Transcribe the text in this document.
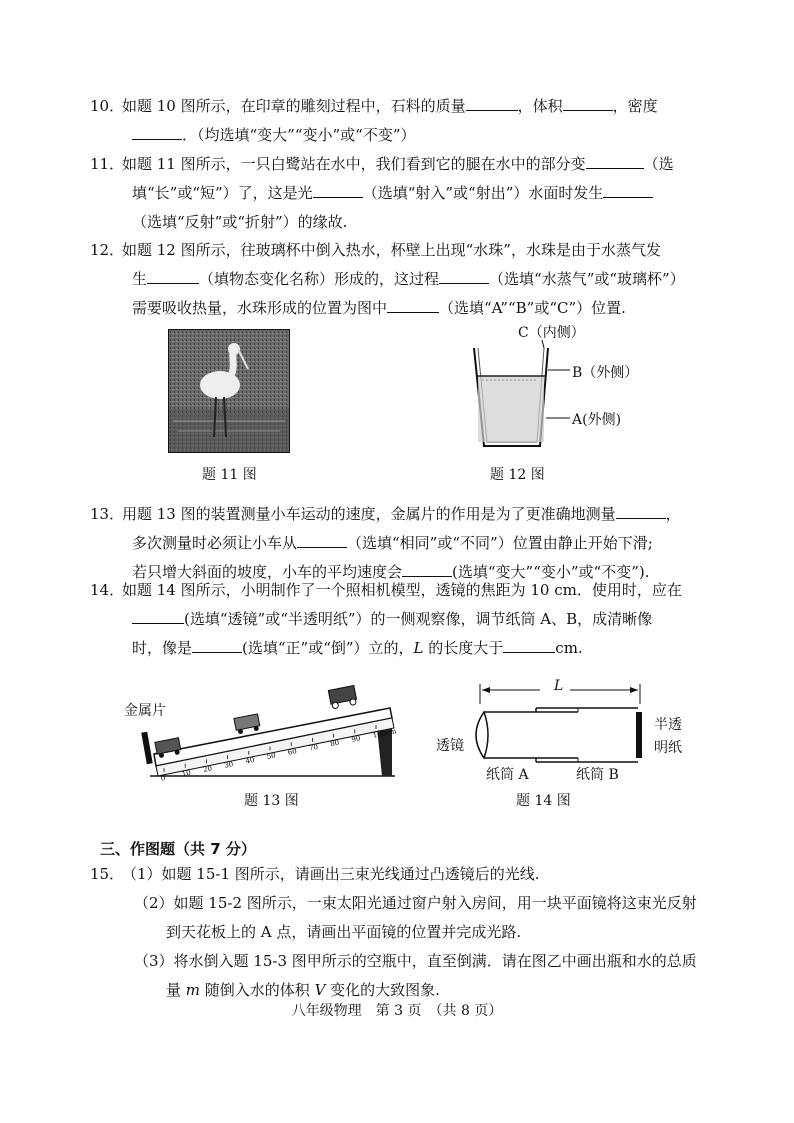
10．
如题 10 图所示，在印章的雕刻过程中，石料的质量	，体积	，密度
．（均选填“变大”“变小”或“不变”）
11．
如题 11 图所示，一只白鹭站在水中，我们看到它的腿在水中的部分变	（选
填“长”或“短”）了，这是光	（选填“射入”或“射出”）水面时发生
（选填“反射”或“折射”）的缘故.
12．
如题 12 图所示，往玻璃杯中倒入热水，杯壁上出现“水珠”，水珠是由于水蒸气发
生	（填物态变化名称）形成的，这过程	（选填“水蒸气”或“玻璃杯”）
需要吸收热量，水珠形成的位置为图中	（选填“A”“B”或“C”）位置.
题 11 图
C（内侧）
B（外侧）
A(外侧)
题 12 图
13．
用题 13 图的装置测量小车运动的速度，金属片的作用是为了更准确地测量	，
多次测量时必须让小车从	（选填“相同”或“不同”）位置由静止开始下滑;
若只增大斜面的坡度，小车的平均速度会	(选填“变大”“变小”或“不变”).
14．
如题 14 图所示，小明制作了一个照相机模型，透镜的焦距为 10 cm．使用时，应在
(选填“透镜”或“半透明纸”）的一侧观察像，调节纸筒 A、B，成清晰像
时，像是	(选填“正”或“倒”）立的，L 的长度大于	cm.
0 10 20 30 40 50 60 70 80 90 100cm
金属片
题 13 图
L
透镜
纸筒 A	纸筒 B
半透
明纸
题 14 图
三、作图题（共 7 分）
15．
（1）如题 15-1 图所示，请画出三束光线通过凸透镜后的光线.
（2）如题 15-2 图所示，一束太阳光通过窗户射入房间，用一块平面镜将这束光反射
到天花板上的 A 点，请画出平面镜的位置并完成光路.
（3）将水倒入题 15-3 图甲所示的空瓶中，直至倒满．请在图乙中画出瓶和水的总质
量 m 随倒入水的体积 V 变化的大致图象.
八年级物理　第 3 页　（共 8 页）
